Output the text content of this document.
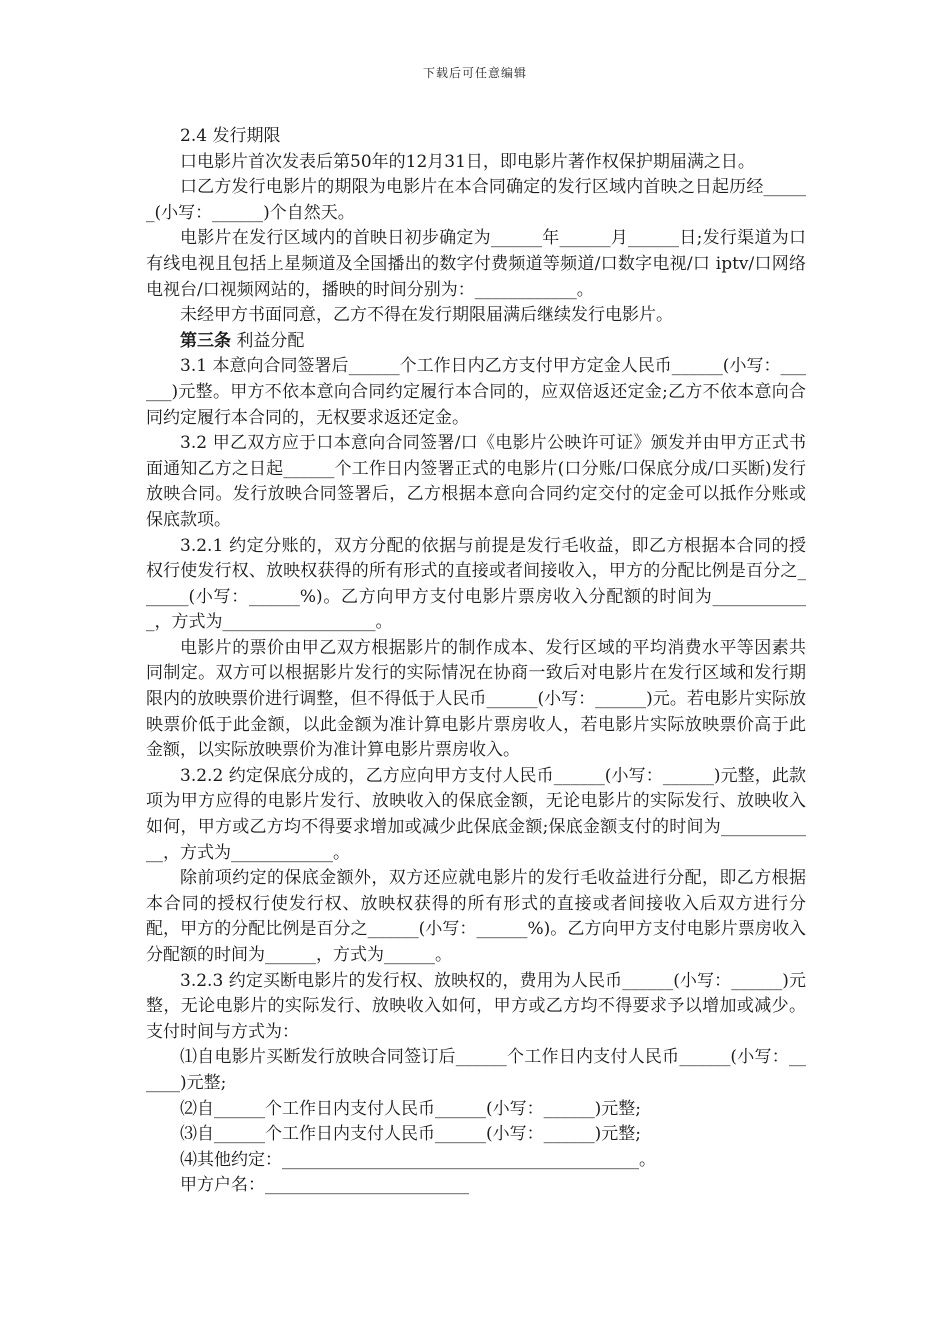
下载后可任意编辑

2.4 发行期限

口电影片首次发表后第50年的12月31日，即电影片著作权保护期届满之日。

口乙方发行电影片的期限为电影片在本合同确定的发行区域内首映之日起历经______(小写：______)个自然天。

电影片在发行区域内的首映日初步确定为______年______月______日;发行渠道为口有线电视且包括上星频道及全国播出的数字付费频道等频道/口数字电视/口 iptv/口网络电视台/口视频网站的，播映的时间分别为：____________。

未经甲方书面同意，乙方不得在发行期限届满后继续发行电影片。

第三条 利益分配

3.1 本意向合同签署后______个工作日内乙方支付甲方定金人民币______(小写：______)元整。甲方不依本意向合同约定履行本合同的，应双倍返还定金;乙方不依本意向合同约定履行本合同的，无权要求返还定金。

3.2 甲乙双方应于口本意向合同签署/口《电影片公映许可证》颁发并由甲方正式书面通知乙方之日起______个工作日内签署正式的电影片(口分账/口保底分成/口买断)发行放映合同。发行放映合同签署后，乙方根据本意向合同约定交付的定金可以抵作分账或保底款项。

3.2.1 约定分账的，双方分配的依据与前提是发行毛收益，即乙方根据本合同的授权行使发行权、放映权获得的所有形式的直接或者间接收入，甲方的分配比例是百分之______(小写：______%)。乙方向甲方支付电影片票房收入分配额的时间为____________，方式为__________________。

电影片的票价由甲乙双方根据影片的制作成本、发行区域的平均消费水平等因素共同制定。双方可以根据影片发行的实际情况在协商一致后对电影片在发行区域和发行期限内的放映票价进行调整，但不得低于人民币______(小写：______)元。若电影片实际放映票价低于此金额，以此金额为准计算电影片票房收人，若电影片实际放映票价高于此金额，以实际放映票价为准计算电影片票房收入。

3.2.2 约定保底分成的，乙方应向甲方支付人民币______(小写：______)元整，此款项为甲方应得的电影片发行、放映收入的保底金额，无论电影片的实际发行、放映收入如何，甲方或乙方均不得要求增加或减少此保底金额;保底金额支付的时间为____________，方式为____________。

除前项约定的保底金额外，双方还应就电影片的发行毛收益进行分配，即乙方根据本合同的授权行使发行权、放映权获得的所有形式的直接或者间接收入后双方进行分配，甲方的分配比例是百分之______(小写：______%)。乙方向甲方支付电影片票房收入分配额的时间为______，方式为______。

3.2.3 约定买断电影片的发行权、放映权的，费用为人民币______(小写：______)元整，无论电影片的实际发行、放映收入如何，甲方或乙方均不得要求予以增加或减少。支付时间与方式为：

⑴自电影片买断发行放映合同签订后______个工作日内支付人民币______(小写：______)元整;

⑵自______个工作日内支付人民币______(小写：______)元整;

⑶自______个工作日内支付人民币______(小写：______)元整;

⑷其他约定：__________________________________________。

甲方户名：________________________
